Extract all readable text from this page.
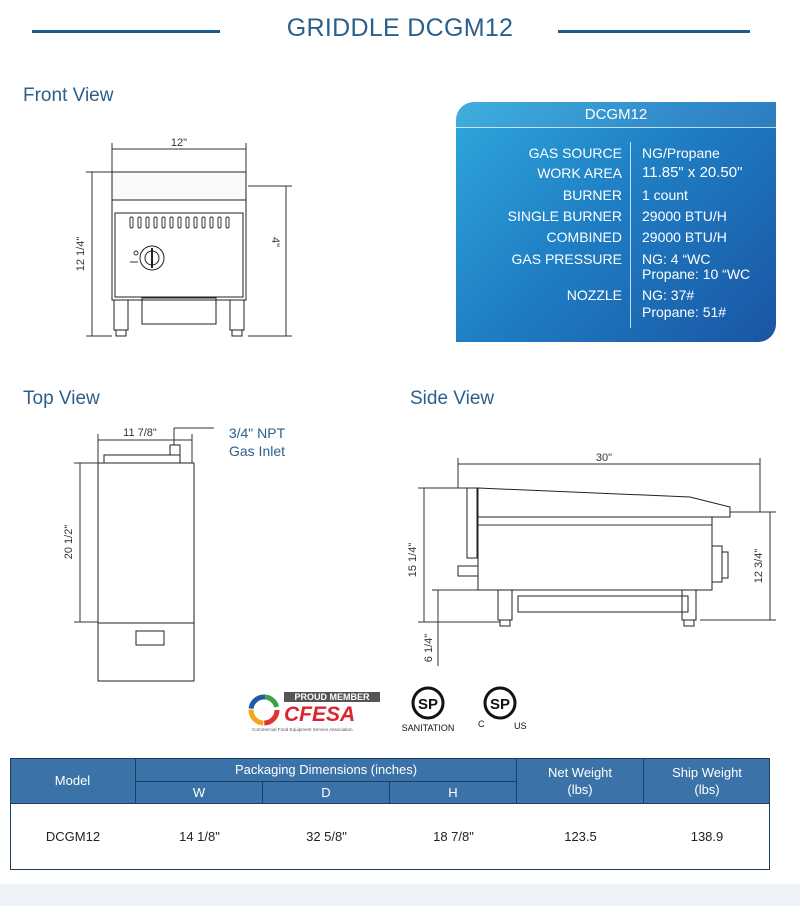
GRIDDLE DCGM12
Front View
Top View	Side View
12"
12 1/4"	4"
11 7/8"
20 1/2"
3/4" NPT
Gas Inlet	30"
15 1/4"
6 1/4"
12 3/4"
DCGM12
GAS SOURCE NG/Propane
WORK AREA 11.85" x 20.50"
BURNER 1 count
SINGLE BURNER 29000 BTU/H
COMBINED 29000 BTU/H
GAS PRESSURE NG: 4 “WC
Propane: 10 “WC
NOZZLE NG: 37#
Propane: 51#
PROUD MEMBER
CFESA
Commercial Food Equipment Service Association
SP
SANITATION
SP
C	US
Model
Packaging Dimensions (inches)
W	D	H
Net Weight
(lbs)
Ship Weight
(lbs)
DCGM12	14 1/8"	32 5/8"	18 7/8"	123.5	138.9
